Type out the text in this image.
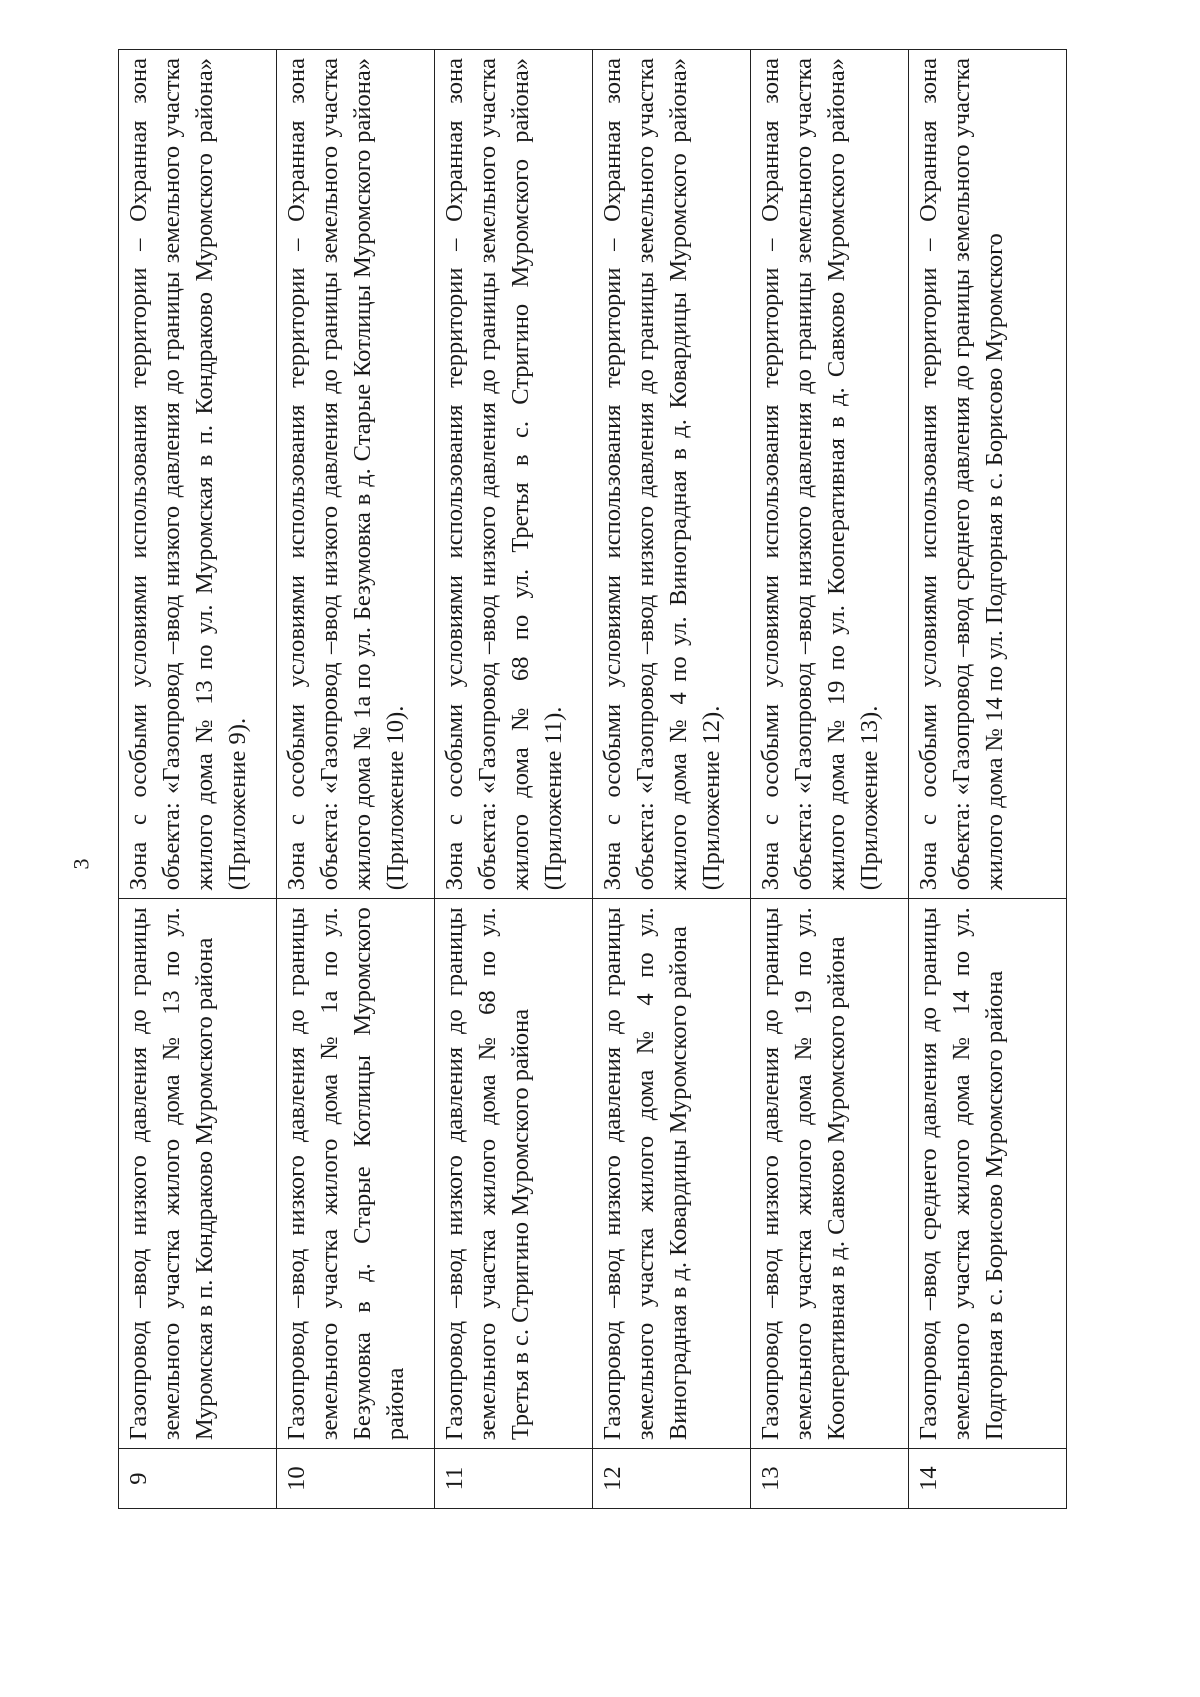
3
9	Газопровод –ввод низкого давления до границы земельного участка жилого дома № 13 по ул. Муромская в п. Кондраково Муромского района	Зона с особыми условиями использования территории – Охранная зона объекта: «Газопровод –ввод низкого давления до границы земельного участка жилого дома № 13 по ул. Муромская в п. Кондраково Муромского района» (Приложение 9).
10	Газопровод –ввод низкого давления до границы земельного участка жилого дома № 1а по ул. Безумовка в д. Старые Котлицы Муромского района	Зона с особыми условиями использования территории – Охранная зона объекта: «Газопровод –ввод низкого давления до границы земельного участка жилого дома № 1а по ул. Безумовка в д. Старые Котлицы Муромского района» (Приложение 10).
11	Газопровод –ввод низкого давления до границы земельного участка жилого дома № 68 по ул. Третья в с. Стригино Муромского района	Зона с особыми условиями использования территории – Охранная зона объекта: «Газопровод –ввод низкого давления до границы земельного участка жилого дома № 68 по ул. Третья в с. Стригино Муромского района» (Приложение 11).
12	Газопровод –ввод низкого давления до границы земельного участка жилого дома № 4 по ул. Виноградная в д. Ковардицы Муромского района	Зона с особыми условиями использования территории – Охранная зона объекта: «Газопровод –ввод низкого давления до границы земельного участка жилого дома № 4 по ул. Виноградная в д. Ковардицы Муромского района» (Приложение 12).
13	Газопровод –ввод низкого давления до границы земельного участка жилого дома № 19 по ул. Кооперативная в д. Савково Муромского района	Зона с особыми условиями использования территории – Охранная зона объекта: «Газопровод –ввод низкого давления до границы земельного участка жилого дома № 19 по ул. Кооперативная в д. Савково Муромского района» (Приложение 13).
14	Газопровод –ввод среднего давления до границы земельного участка жилого дома № 14 по ул. Подгорная в с. Борисово Муромского района	Зона с особыми условиями использования территории – Охранная зона объекта: «Газопровод –ввод среднего давления до границы земельного участка жилого дома № 14 по ул. Подгорная в с. Борисово Муромского
